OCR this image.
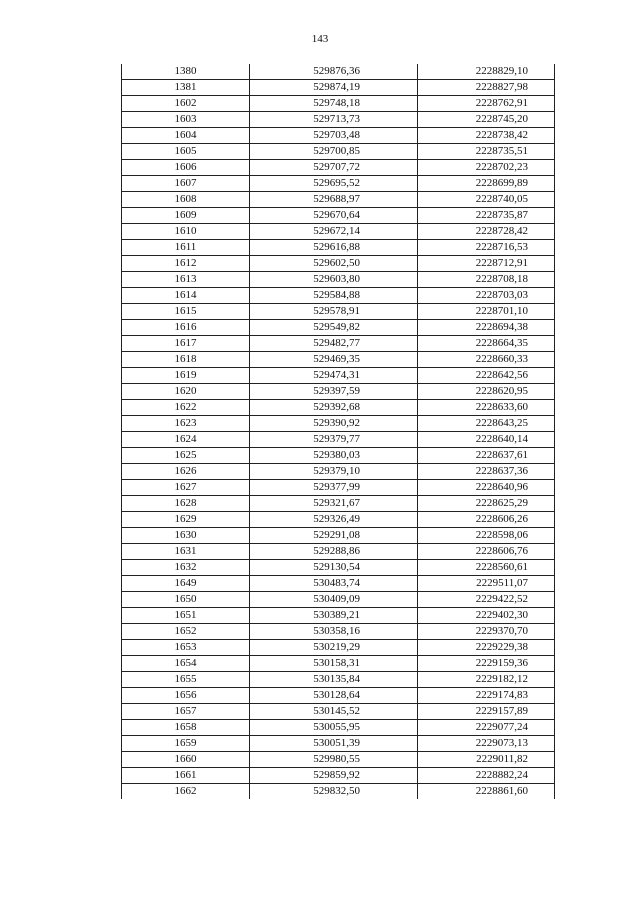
143
1380	529876,36	2228829,10
1381	529874,19	2228827,98
1602	529748,18	2228762,91
1603	529713,73	2228745,20
1604	529703,48	2228738,42
1605	529700,85	2228735,51
1606	529707,72	2228702,23
1607	529695,52	2228699,89
1608	529688,97	2228740,05
1609	529670,64	2228735,87
1610	529672,14	2228728,42
1611	529616,88	2228716,53
1612	529602,50	2228712,91
1613	529603,80	2228708,18
1614	529584,88	2228703,03
1615	529578,91	2228701,10
1616	529549,82	2228694,38
1617	529482,77	2228664,35
1618	529469,35	2228660,33
1619	529474,31	2228642,56
1620	529397,59	2228620,95
1622	529392,68	2228633,60
1623	529390,92	2228643,25
1624	529379,77	2228640,14
1625	529380,03	2228637,61
1626	529379,10	2228637,36
1627	529377,99	2228640,96
1628	529321,67	2228625,29
1629	529326,49	2228606,26
1630	529291,08	2228598,06
1631	529288,86	2228606,76
1632	529130,54	2228560,61
1649	530483,74	2229511,07
1650	530409,09	2229422,52
1651	530389,21	2229402,30
1652	530358,16	2229370,70
1653	530219,29	2229229,38
1654	530158,31	2229159,36
1655	530135,84	2229182,12
1656	530128,64	2229174,83
1657	530145,52	2229157,89
1658	530055,95	2229077,24
1659	530051,39	2229073,13
1660	529980,55	2229011,82
1661	529859,92	2228882,24
1662	529832,50	2228861,60
